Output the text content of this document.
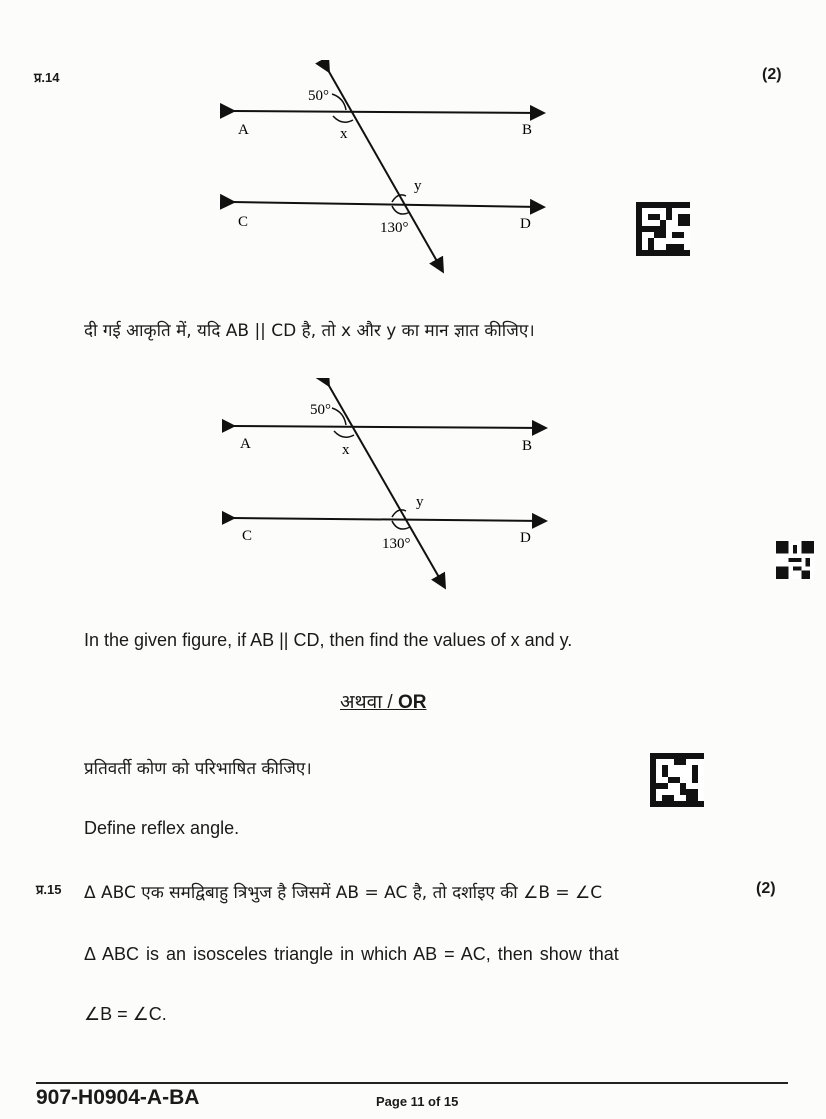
प्र.14	(2)
50°
A	B
x
y
C	D
130°
दी गई आकृति में, यदि AB || CD है, तो x और y का मान ज्ञात कीजिए।
50°
A	B
x
y
C	D
130°
In the given figure, if AB || CD, then find the values of x and y.
अथवा / OR
प्रतिवर्ती कोण को परिभाषित कीजिए।
Define reflex angle.
प्र.15	(2)
Δ ABC एक समद्विबाहु त्रिभुज है जिसमें AB = AC है, तो दर्शाइए की ∠B = ∠C
Δ ABC is an isosceles triangle in which AB = AC, then show that
∠B = ∠C.
907-H0904-A-BA	Page 11 of 15
